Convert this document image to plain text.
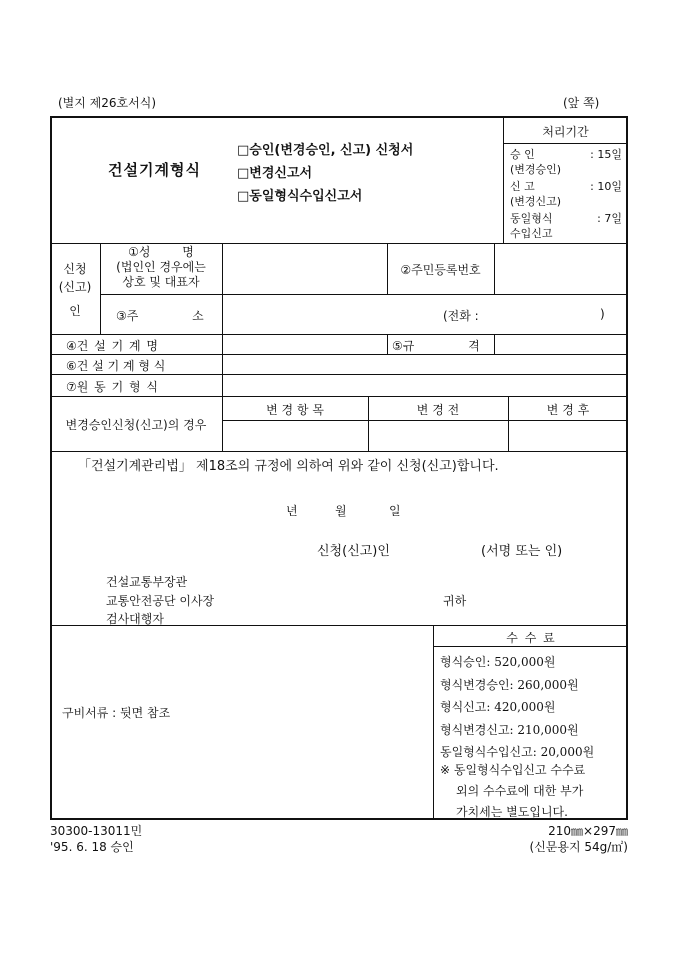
(별지 제26호서식)	(앞 쪽)
건설기계형식
□승인(변경승인, 신고) 신청서
□변경신고서
□동일형식수입신고서
처리기간
승 인	: 15일
(변경승인)
신 고	: 10일
(변경신고)
동일형식	: 7일
수입신고
신청
(신고)
인
①성 명
(법인인 경우에는
상호 및 대표자
②주민등록번호
③주 소	(전화 :	)
④건 설 기 계 명	⑤규 격
⑥건 설 기 계 형 식
⑦원 동 기 형 식
변경승인신청(신고)의 경우
변 경 항 목	변 경 전	변 경 후
「건설기계관리법」 제18조의 규정에 의하여 위와 같이 신청(신고)합니다.
년	월	일
신청(신고)인	(서명 또는 인)
건설교통부장관
교통안전공단 이사장
검사대행자
귀하
구비서류 : 뒷면 참조
수 수 료
형식승인: 520,000원
형식변경승인: 260,000원
형식신고: 420,000원
형식변경신고: 210,000원
동일형식수입신고: 20,000원
※ 동일형식수입신고 수수료
외의 수수료에 대한 부가
가치세는 별도입니다.
30300-13011민
'95. 6. 18 승인
210㎜×297㎜
(신문용지 54g/㎡)
